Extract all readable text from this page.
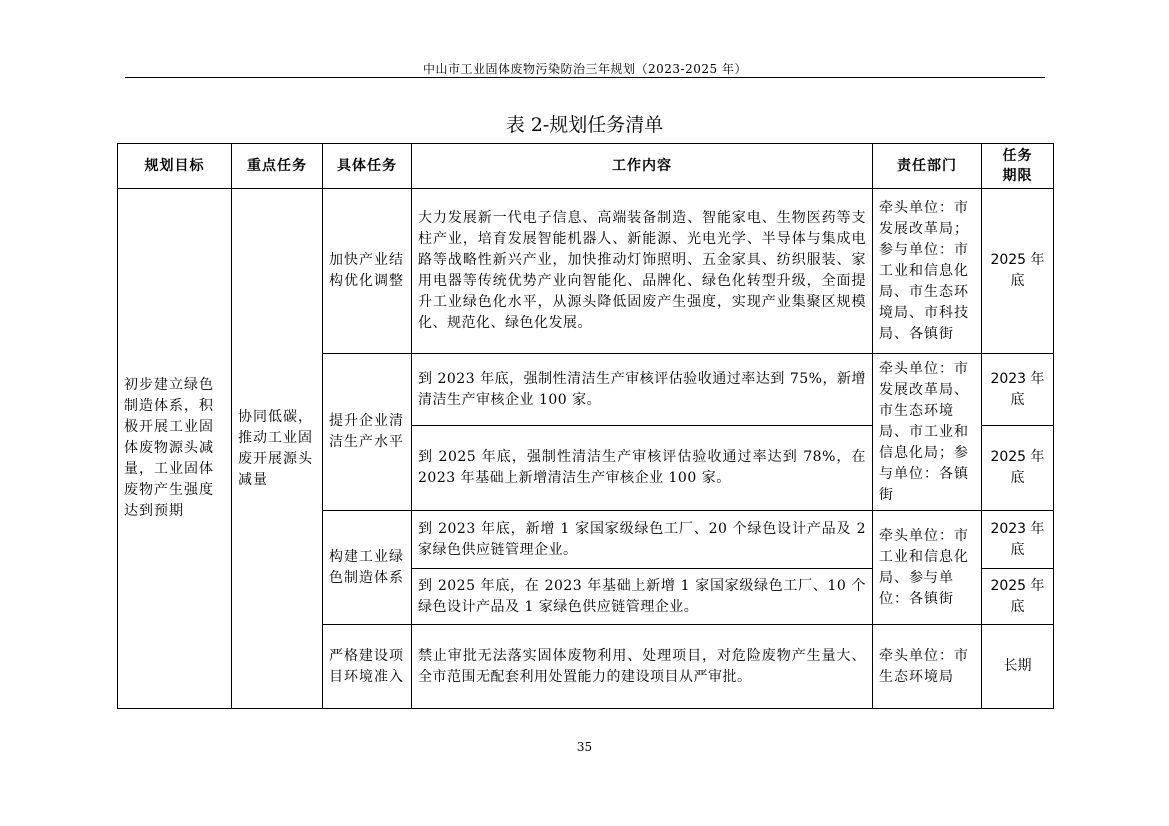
中山市工业固体废物污染防治三年规划（2023-2025 年）
表 2-规划任务清单
规划目标	重点任务	具体任务	工作内容	责任部门	任务期限
初步建立绿色制造体系，积极开展工业固体废物源头减量，工业固体废物产生强度达到预期	协同低碳，推动工业固废开展源头减量	加快产业结构优化调整	大力发展新一代电子信息、高端装备制造、智能家电、生物医药等支柱产业，培育发展智能机器人、新能源、光电光学、半导体与集成电路等战略性新兴产业，加快推动灯饰照明、五金家具、纺织服装、家用电器等传统优势产业向智能化、品牌化、绿色化转型升级，全面提升工业绿色化水平，从源头降低固废产生强度，实现产业集聚区规模化、规范化、绿色化发展。	牵头单位：市发展改革局；参与单位：市工业和信息化局、市生态环境局、市科技局、各镇街	2025 年底
		提升企业清洁生产水平	到 2023 年底，强制性清洁生产审核评估验收通过率达到 75%，新增清洁生产审核企业 100 家。	牵头单位：市发展改革局、市生态环境局、市工业和信息化局；参与单位：各镇街	2023 年底
			到 2025 年底，强制性清洁生产审核评估验收通过率达到 78%，在 2023 年基础上新增清洁生产审核企业 100 家。		2025 年底
		构建工业绿色制造体系	到 2023 年底，新增 1 家国家级绿色工厂、20 个绿色设计产品及 2 家绿色供应链管理企业。	牵头单位：市工业和信息化局、参与单位：各镇街	2023 年底
			到 2025 年底，在 2023 年基础上新增 1 家国家级绿色工厂、10 个绿色设计产品及 1 家绿色供应链管理企业。		2025 年底
		严格建设项目环境准入	禁止审批无法落实固体废物利用、处理项目，对危险废物产生量大、全市范围无配套利用处置能力的建设项目从严审批。	牵头单位：市生态环境局	长期
35
